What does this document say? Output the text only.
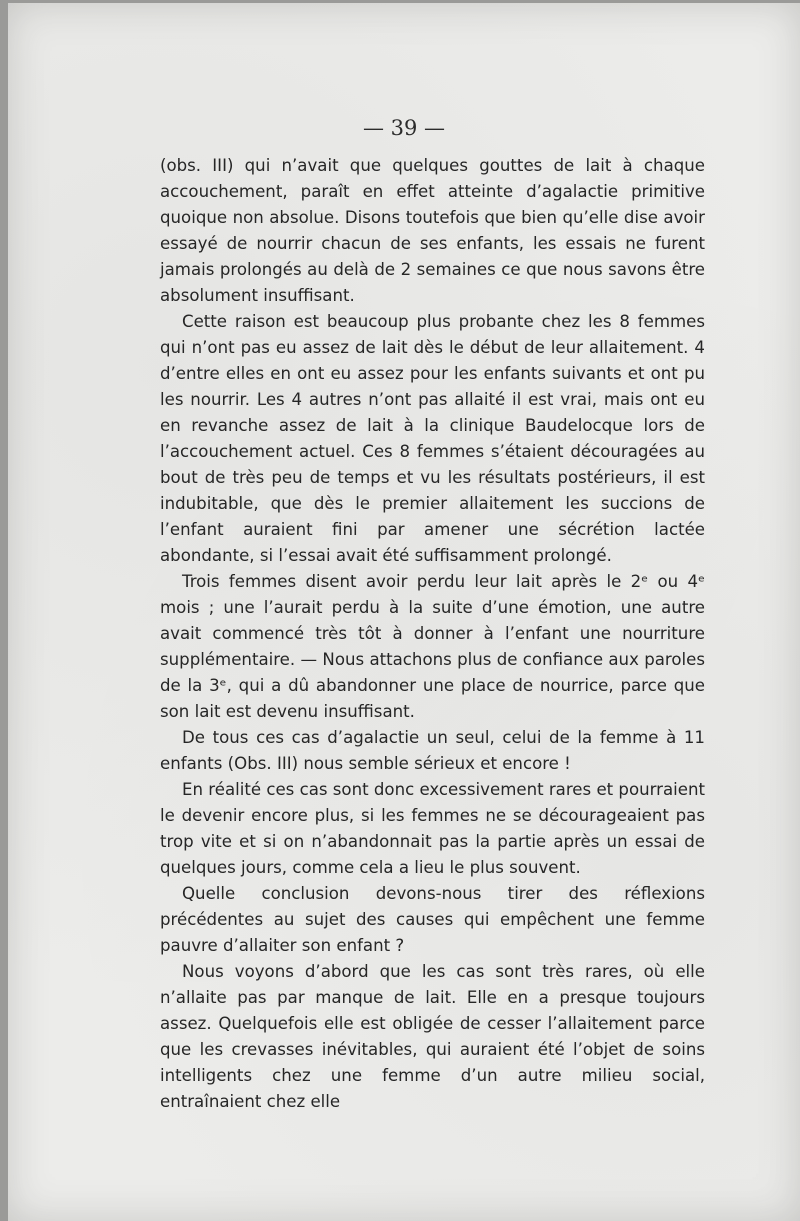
— 39 —

(obs. III) qui n’avait que quelques gouttes de lait à chaque accouchement, paraît en effet atteinte d’agalactie primitive quoique non absolue. Disons toutefois que bien qu’elle dise avoir essayé de nourrir chacun de ses enfants, les essais ne furent jamais prolongés au delà de 2 semaines ce que nous savons être absolument insuffisant.

Cette raison est beaucoup plus probante chez les 8 femmes qui n’ont pas eu assez de lait dès le début de leur allaitement. 4 d’entre elles en ont eu assez pour les enfants suivants et ont pu les nourrir. Les 4 autres n’ont pas allaité il est vrai, mais ont eu en revanche assez de lait à la clinique Baudelocque lors de l’accouchement actuel. Ces 8 femmes s’étaient découragées au bout de très peu de temps et vu les résultats postérieurs, il est indubitable, que dès le premier allaitement les succions de l’enfant auraient fini par amener une sécrétion lactée abondante, si l’essai avait été suffisamment prolongé.

Trois femmes disent avoir perdu leur lait après le 2ᵉ ou 4ᵉ mois ; une l’aurait perdu à la suite d’une émotion, une autre avait commencé très tôt à donner à l’enfant une nourriture supplémentaire. — Nous attachons plus de confiance aux paroles de la 3ᵉ, qui a dû abandonner une place de nourrice, parce que son lait est devenu insuffisant.

De tous ces cas d’agalactie un seul, celui de la femme à 11 enfants (Obs. III) nous semble sérieux et encore !

En réalité ces cas sont donc excessivement rares et pourraient le devenir encore plus, si les femmes ne se décourageaient pas trop vite et si on n’abandonnait pas la partie après un essai de quelques jours, comme cela a lieu le plus souvent.

Quelle conclusion devons-nous tirer des réflexions précédentes au sujet des causes qui empêchent une femme pauvre d’allaiter son enfant ?

Nous voyons d’abord que les cas sont très rares, où elle n’allaite pas par manque de lait. Elle en a presque toujours assez. Quelquefois elle est obligée de cesser l’allaitement parce que les crevasses inévitables, qui auraient été l’objet de soins intelligents chez une femme d’un autre milieu social, entraînaient chez elle
